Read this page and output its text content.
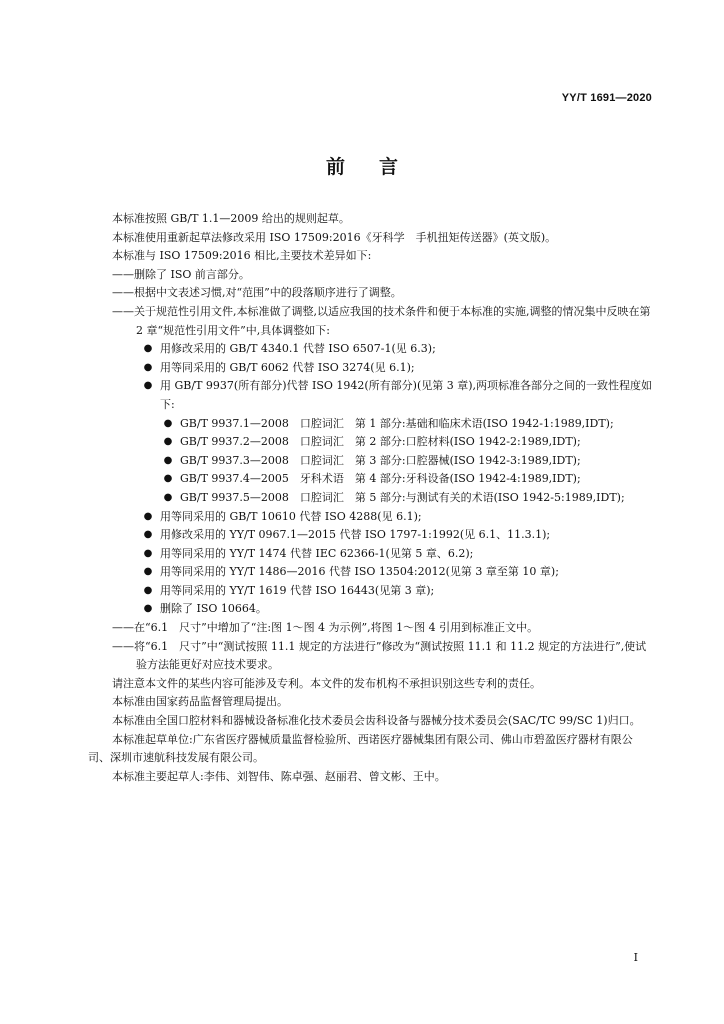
YY/T 1691—2020
前言

本标准按照 GB/T 1.1—2009 给出的规则起草。

本标准使用重新起草法修改采用 ISO 17509:2016《牙科学　手机扭矩传送器》(英文版)。

本标准与 ISO 17509:2016 相比,主要技术差异如下:

——删除了 ISO 前言部分。

——根据中文表述习惯,对“范围”中的段落顺序进行了调整。

——关于规范性引用文件,本标准做了调整,以适应我国的技术条件和便于本标准的实施,调整的情况集中反映在第 2 章“规范性引用文件”中,具体调整如下:

● 用修改采用的 GB/T 4340.1 代替 ISO 6507-1(见 6.3);
● 用等同采用的 GB/T 6062 代替 ISO 3274(见 6.1);
● 用 GB/T 9937(所有部分)代替 ISO 1942(所有部分)(见第 3 章),两项标准各部分之间的一致性程度如下:
● GB/T 9937.1—2008　口腔词汇　第 1 部分:基础和临床术语(ISO 1942-1:1989,IDT);
● GB/T 9937.2—2008　口腔词汇　第 2 部分:口腔材料(ISO 1942-2:1989,IDT);
● GB/T 9937.3—2008　口腔词汇　第 3 部分:口腔器械(ISO 1942-3:1989,IDT);
● GB/T 9937.4—2005　牙科术语　第 4 部分:牙科设备(ISO 1942-4:1989,IDT);
● GB/T 9937.5—2008　口腔词汇　第 5 部分:与测试有关的术语(ISO 1942-5:1989,IDT);
● 用等同采用的 GB/T 10610 代替 ISO 4288(见 6.1);
● 用修改采用的 YY/T 0967.1—2015 代替 ISO 1797-1:1992(见 6.1、11.3.1);
● 用等同采用的 YY/T 1474 代替 IEC 62366-1(见第 5 章、6.2);
● 用等同采用的 YY/T 1486—2016 代替 ISO 13504:2012(见第 3 章至第 10 章);
● 用等同采用的 YY/T 1619 代替 ISO 16443(见第 3 章);
● 删除了 ISO 10664。

——在“6.1　尺寸”中增加了“注:图 1～图 4 为示例”,将图 1～图 4 引用到标准正文中。

——将“6.1　尺寸”中“测试按照 11.1 规定的方法进行”修改为“测试按照 11.1 和 11.2 规定的方法进行”,使试验方法能更好对应技术要求。

请注意本文件的某些内容可能涉及专利。本文件的发布机构不承担识别这些专利的责任。

本标准由国家药品监督管理局提出。

本标准由全国口腔材料和器械设备标准化技术委员会齿科设备与器械分技术委员会(SAC/TC 99/SC 1)归口。

本标准起草单位:广东省医疗器械质量监督检验所、西诺医疗器械集团有限公司、佛山市碧盈医疗器材有限公司、深圳市速航科技发展有限公司。

本标准主要起草人:李伟、刘智伟、陈卓强、赵丽君、曾文彬、王中。

I
